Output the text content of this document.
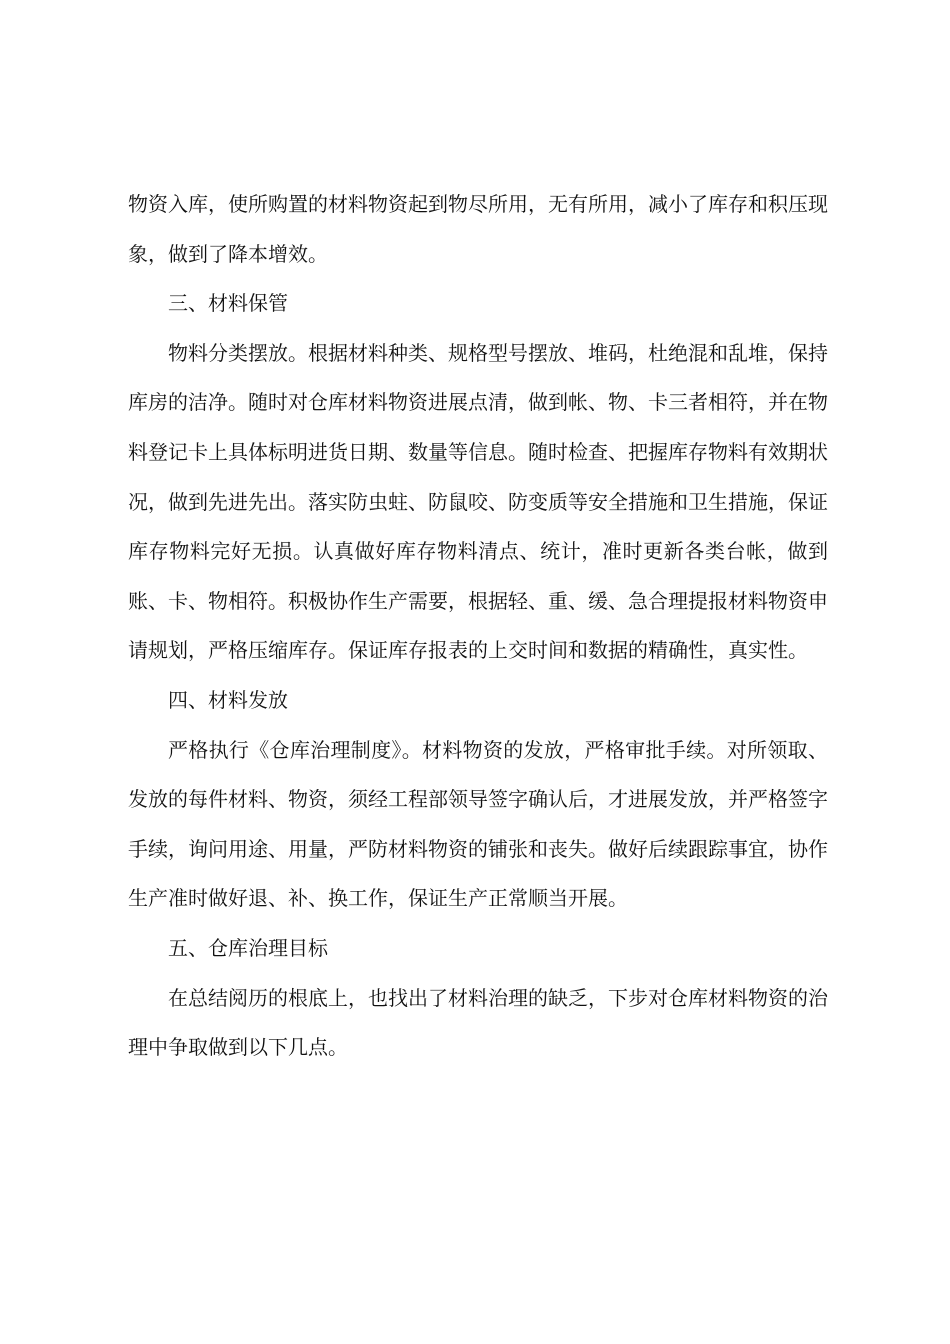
物资入库，使所购置的材料物资起到物尽所用，无有所用，减小了库存和积压现象，做到了降本增效。

三、材料保管

物料分类摆放。根据材料种类、规格型号摆放、堆码，杜绝混和乱堆，保持库房的洁净。随时对仓库材料物资进展点清，做到帐、物、卡三者相符，并在物料登记卡上具体标明进货日期、数量等信息。随时检查、把握库存物料有效期状况，做到先进先出。落实防虫蛀、防鼠咬、防变质等安全措施和卫生措施，保证库存物料完好无损。认真做好库存物料清点、统计，准时更新各类台帐，做到账、卡、物相符。积极协作生产需要，根据轻、重、缓、急合理提报材料物资申请规划，严格压缩库存。保证库存报表的上交时间和数据的精确性，真实性。

四、材料发放

严格执行《仓库治理制度》。材料物资的发放，严格审批手续。对所领取、发放的每件材料、物资，须经工程部领导签字确认后，才进展发放，并严格签字手续，询问用途、用量，严防材料物资的铺张和丧失。做好后续跟踪事宜，协作生产准时做好退、补、换工作，保证生产正常顺当开展。

五、仓库治理目标

在总结阅历的根底上，也找出了材料治理的缺乏，下步对仓库材料物资的治理中争取做到以下几点。
